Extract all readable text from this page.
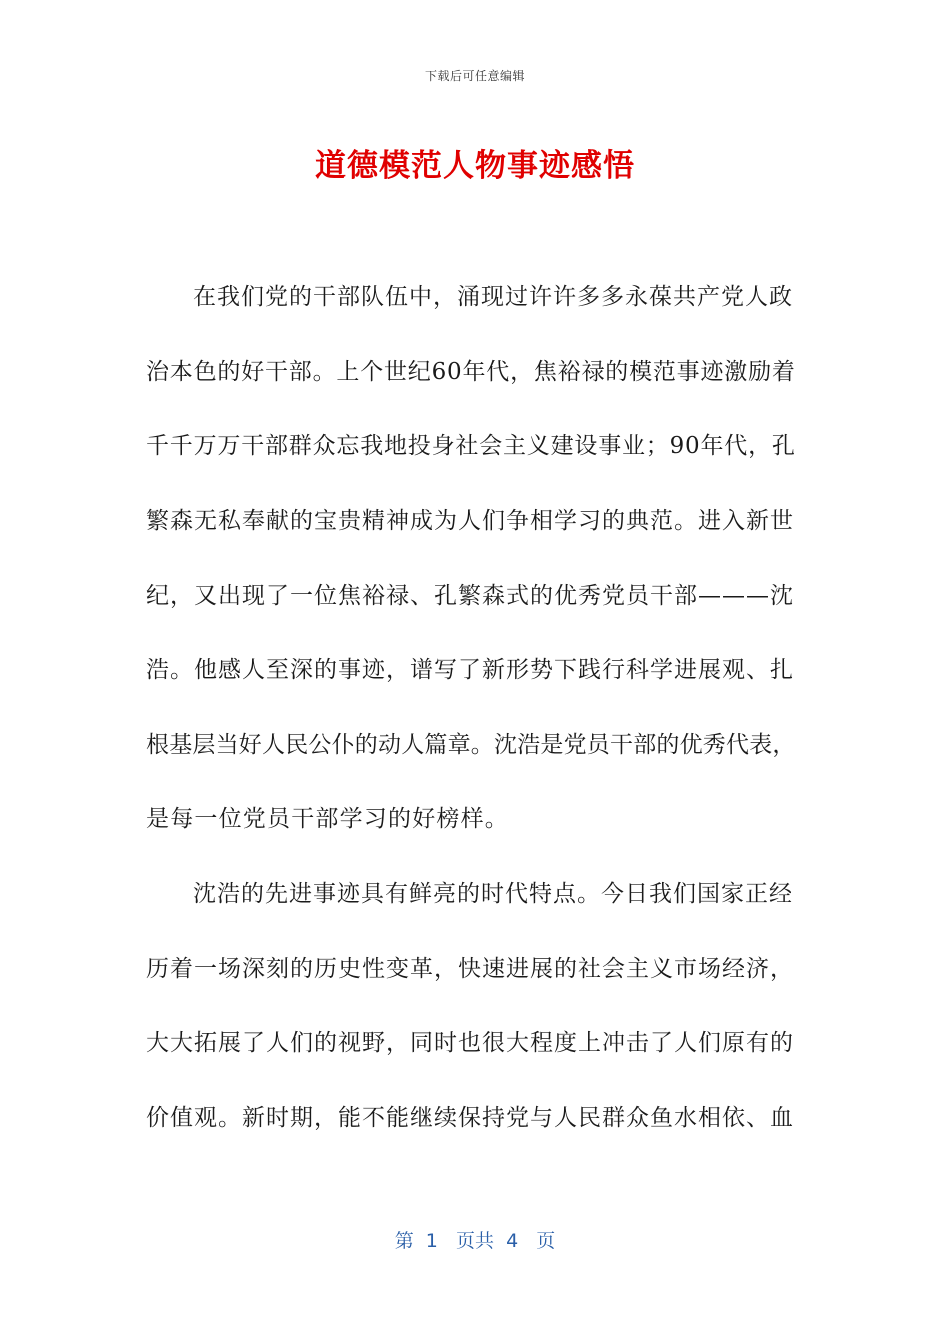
下载后可任意编辑
道德模范人物事迹感悟
在我们党的干部队伍中，涌现过许许多多永葆共产党人政
治本色的好干部。上个世纪60年代，焦裕禄的模范事迹激励着
千千万万干部群众忘我地投身社会主义建设事业；90年代，孔
繁森无私奉献的宝贵精神成为人们争相学习的典范。进入新世
纪，又出现了一位焦裕禄、孔繁森式的优秀党员干部———沈
浩。他感人至深的事迹，谱写了新形势下践行科学进展观、扎
根基层当好人民公仆的动人篇章。沈浩是党员干部的优秀代表，
是每一位党员干部学习的好榜样。
沈浩的先进事迹具有鲜亮的时代特点。今日我们国家正经
历着一场深刻的历史性变革，快速进展的社会主义市场经济，
大大拓展了人们的视野，同时也很大程度上冲击了人们原有的
价值观。新时期，能不能继续保持党与人民群众鱼水相依、血
第  1   页共  4   页
